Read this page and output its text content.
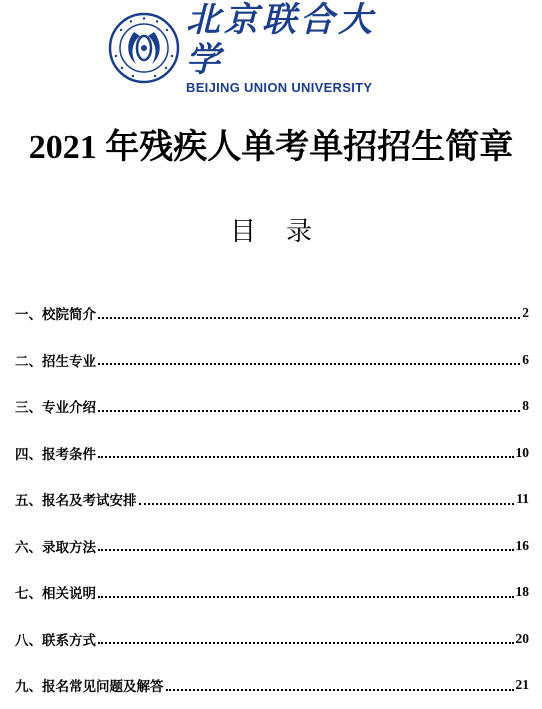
北京联合大学
BEIJING UNION UNIVERSITY
2021 年残疾人单考单招招生简章
目录
一、校院简介	2
二、招生专业	6
三、专业介绍	8
四、报考条件	10
五、报名及考试安排	11
六、录取方法	16
七、相关说明	18
八、联系方式	20
九、报名常见问题及解答	21
